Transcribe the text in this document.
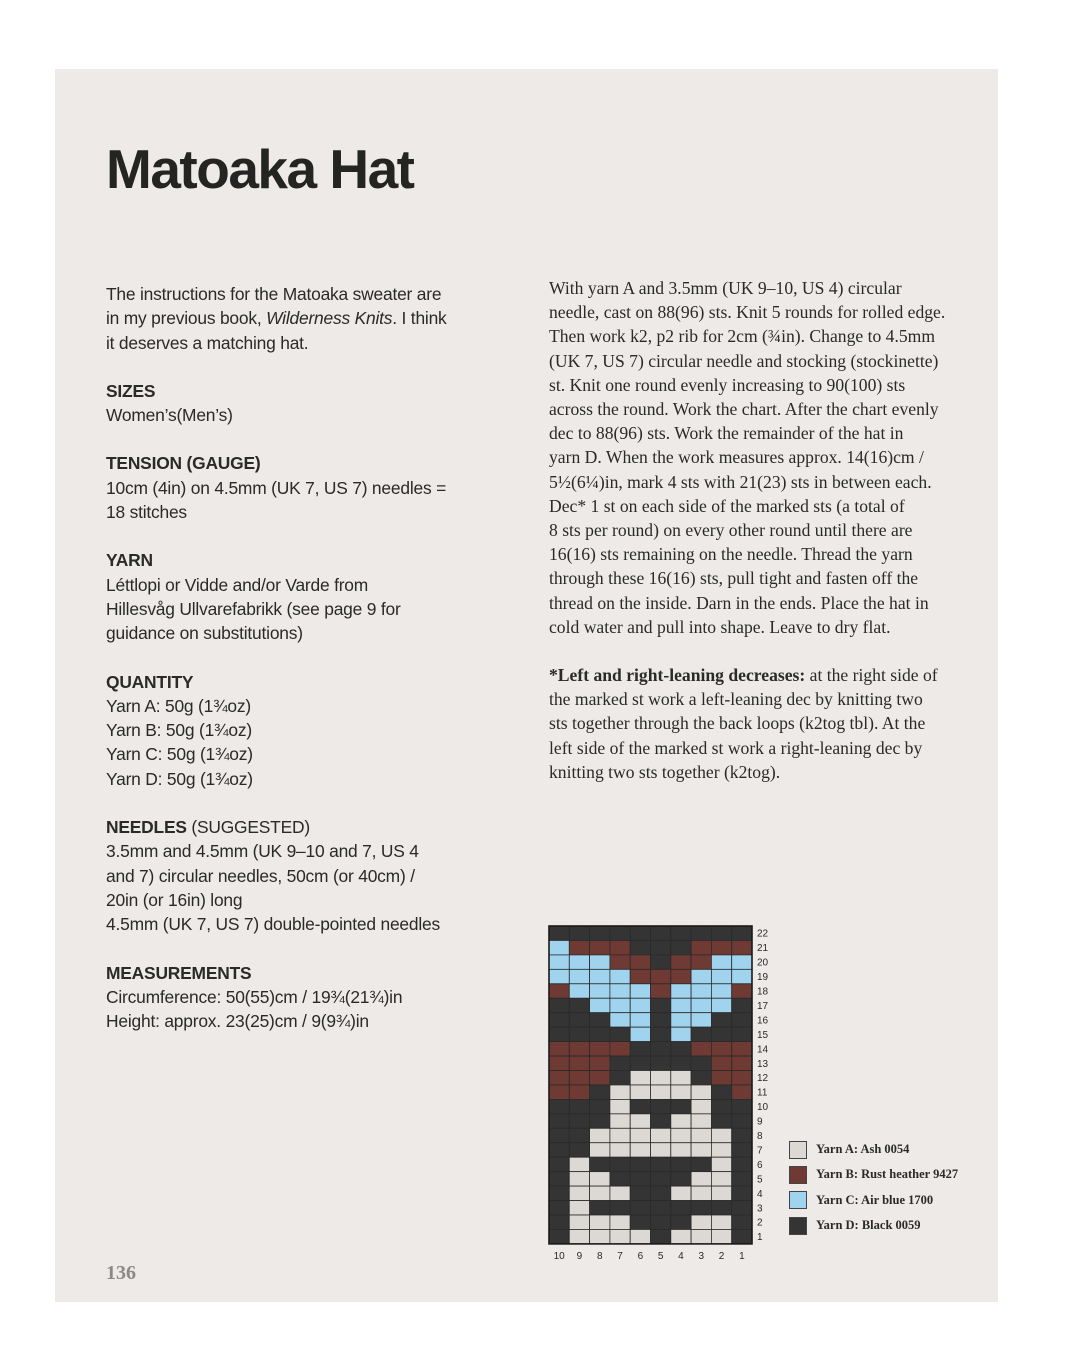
Matoaka Hat

The instructions for the Matoaka sweater are
in my previous book, Wilderness Knits. I think
it deserves a matching hat.

SIZES
Women’s(Men’s)
TENSION (GAUGE)
10cm (4in) on 4.5mm (UK 7, US 7) needles =
18 stitches
YARN
Léttlopi or Vidde and/or Varde from
Hillesvåg Ullvarefabrikk (see page 9 for
guidance on substitutions)
QUANTITY
Yarn A: 50g (1¾oz)
Yarn B: 50g (1¾oz)
Yarn C: 50g (1¾oz)
Yarn D: 50g (1¾oz)
NEEDLES (SUGGESTED)
3.5mm and 4.5mm (UK 9–10 and 7, US 4
and 7) circular needles, 50cm (or 40cm) /
20in (or 16in) long
4.5mm (UK 7, US 7) double-pointed needles
MEASUREMENTS
Circumference: 50(55)cm / 19¾(21¾)in
Height: approx. 23(25)cm / 9(9¾)in

With yarn A and 3.5mm (UK 9–10, US 4) circular
needle, cast on 88(96) sts. Knit 5 rounds for rolled edge.
Then work k2, p2 rib for 2cm (¾in). Change to 4.5mm
(UK 7, US 7) circular needle and stocking (stockinette)
st. Knit one round evenly increasing to 90(100) sts
across the round. Work the chart. After the chart evenly
dec to 88(96) sts. Work the remainder of the hat in
yarn D. When the work measures approx. 14(16)cm /
5½(6¼)in, mark 4 sts with 21(23) sts in between each.
Dec* 1 st on each side of the marked sts (a total of
8 sts per round) on every other round until there are
16(16) sts remaining on the needle. Thread the yarn
through these 16(16) sts, pull tight and fasten off the
thread on the inside. Darn in the ends. Place the hat in
cold water and pull into shape. Leave to dry flat.

*Left and right-leaning decreases: at the right side of
the marked st work a left-leaning dec by knitting two
sts together through the back loops (k2tog tbl). At the
left side of the marked st work a right-leaning dec by
knitting two sts together (k2tog).

22
21
20
19
18
17
16
15
14
13
12
11
10
9
8
7
6
5
4
3
2
1
10 9 8 7 6 5 4 3 2 1
Yarn A: Ash 0054
Yarn B: Rust heather 9427
Yarn C: Air blue 1700
Yarn D: Black 0059
136
